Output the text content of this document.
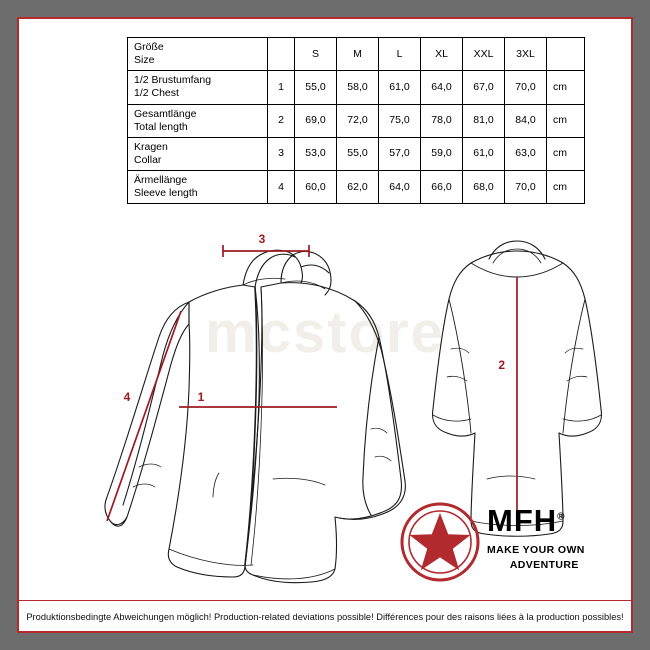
mcstore
Größe
Size		S	M	L	XL	XXL	3XL	

1/2 Brustumfang
1/2 Chest	1	55,0	58,0	61,0	64,0	67,0	70,0	cm

Gesamtlänge
Total length	2	69,0	72,0	75,0	78,0	81,0	84,0	cm

Kragen
Collar	3	53,0	55,0	57,0	59,0	61,0	63,0	cm

Ärmellänge
Sleeve length	4	60,0	62,0	64,0	66,0	68,0	70,0	cm
3
1
4
2
MFH®
MAKE YOUR OWN
ADVENTURE
Produktionsbedingte Abweichungen möglich! Production-related deviations possible! Différences pour des raisons liées à la production possibles!
